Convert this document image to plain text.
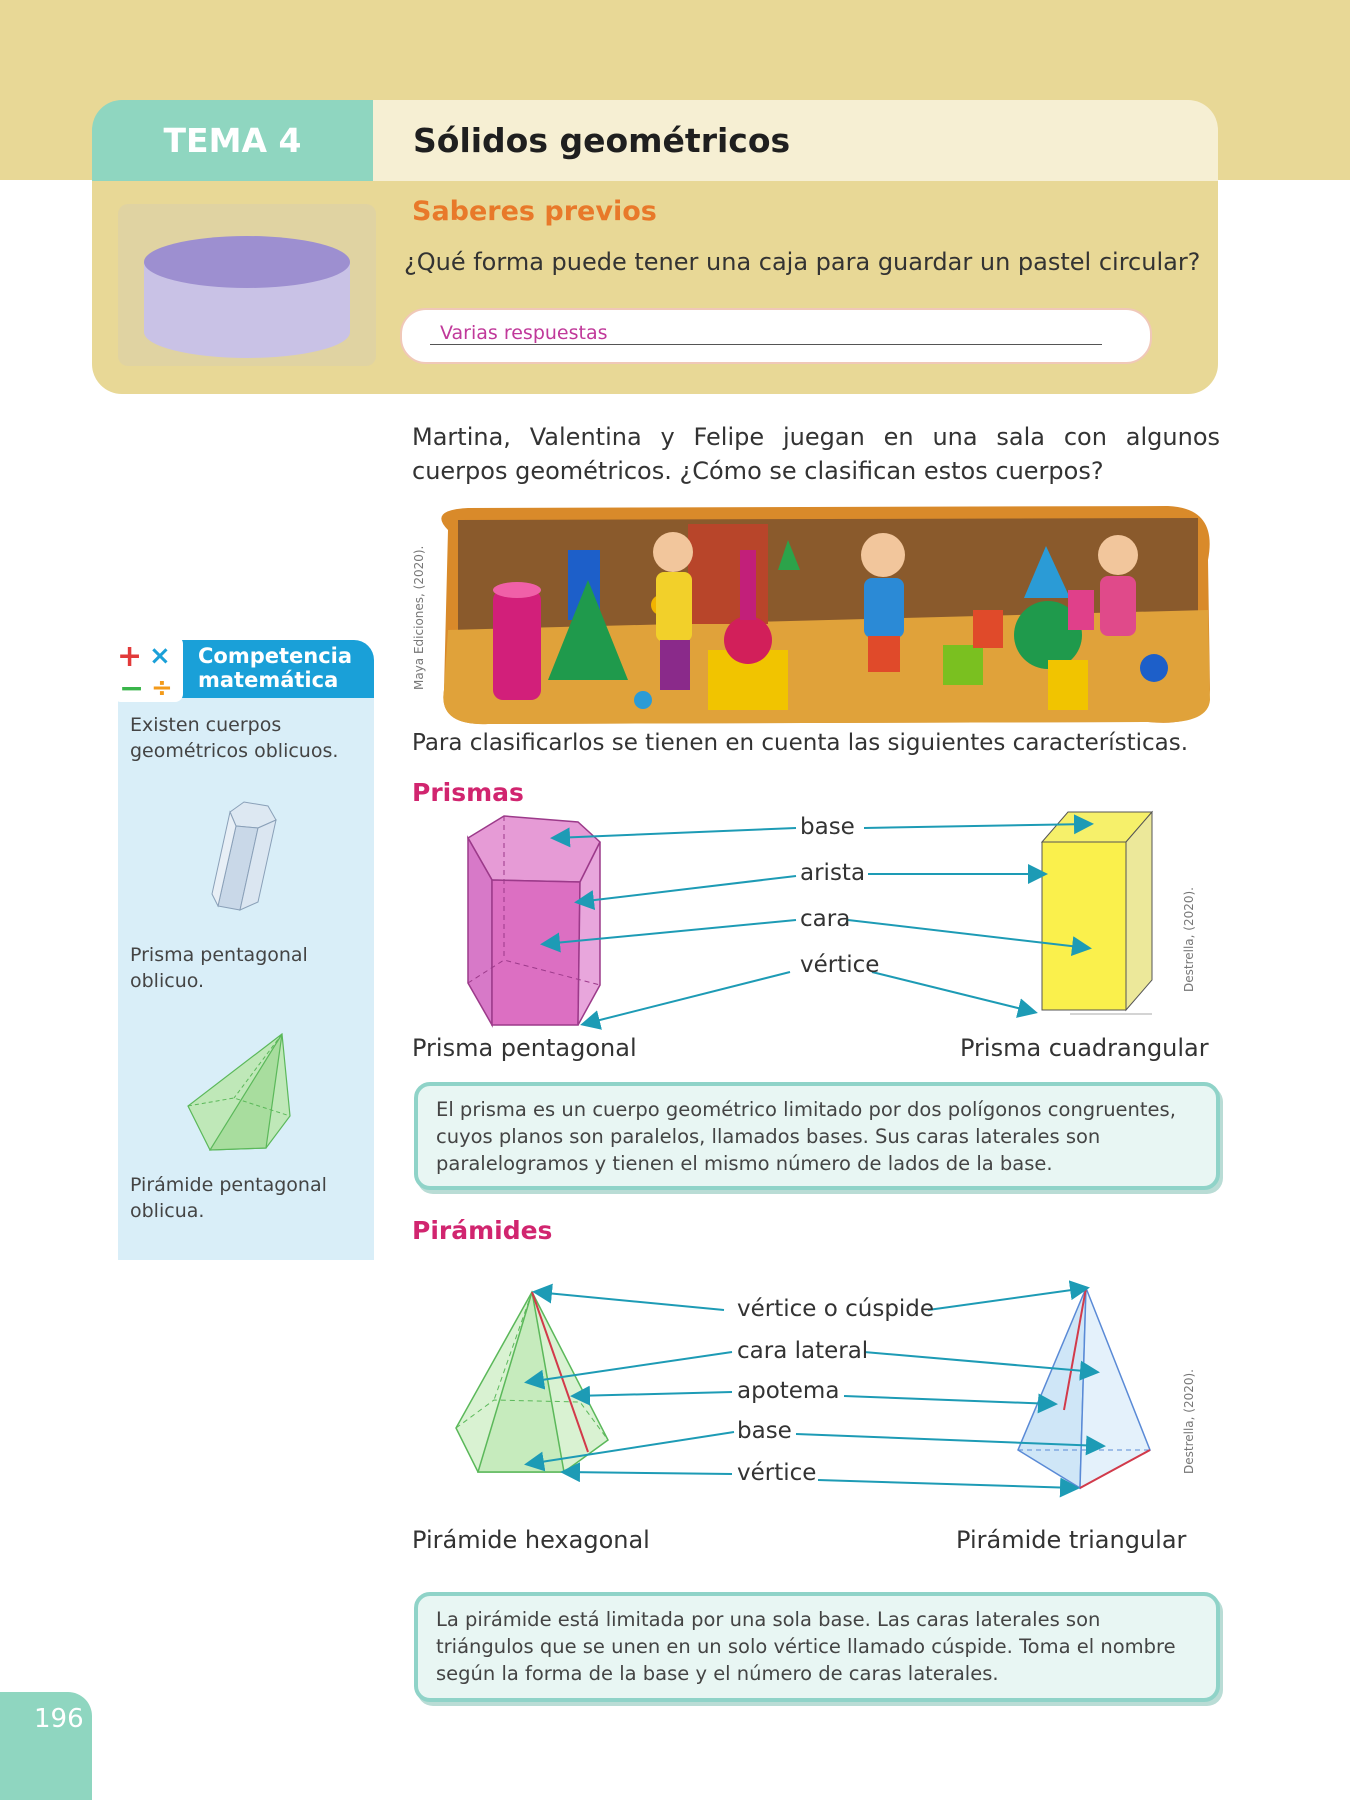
TEMA 4	Sólidos geométricos
Saberes previos
¿Qué forma puede tener una caja para guardar un pastel circular?
Varias respuestas
Martina, Valentina y Felipe juegan en una sala con algunos cuerpos geométricos. ¿Cómo se clasifican estos cuerpos?
Maya Ediciones, (2020).
Para clasificarlos se tienen en cuenta las siguientes características.
Prismas
base
arista
cara
vértice	Destrella, (2020).
Prisma pentagonal	Prisma cuadrangular
El prisma es un cuerpo geométrico limitado por dos polígonos congruentes, cuyos planos son paralelos, llamados bases. Sus caras laterales son paralelogramos y tienen el mismo número de lados de la base.
Pirámides
vértice o cúspide
cara lateral
apotema
base
vértice	Destrella, (2020).
Pirámide hexagonal	Pirámide triangular
La pirámide está limitada por una sola base. Las caras laterales son triángulos que se unen en un solo vértice llamado cúspide. Toma el nombre según la forma de la base y el número de caras laterales.
+ ×
− ÷
Competencia
matemática
Existen cuerpos geométricos oblicuos.
Prisma pentagonal oblicuo.
Pirámide pentagonal oblicua.
196
